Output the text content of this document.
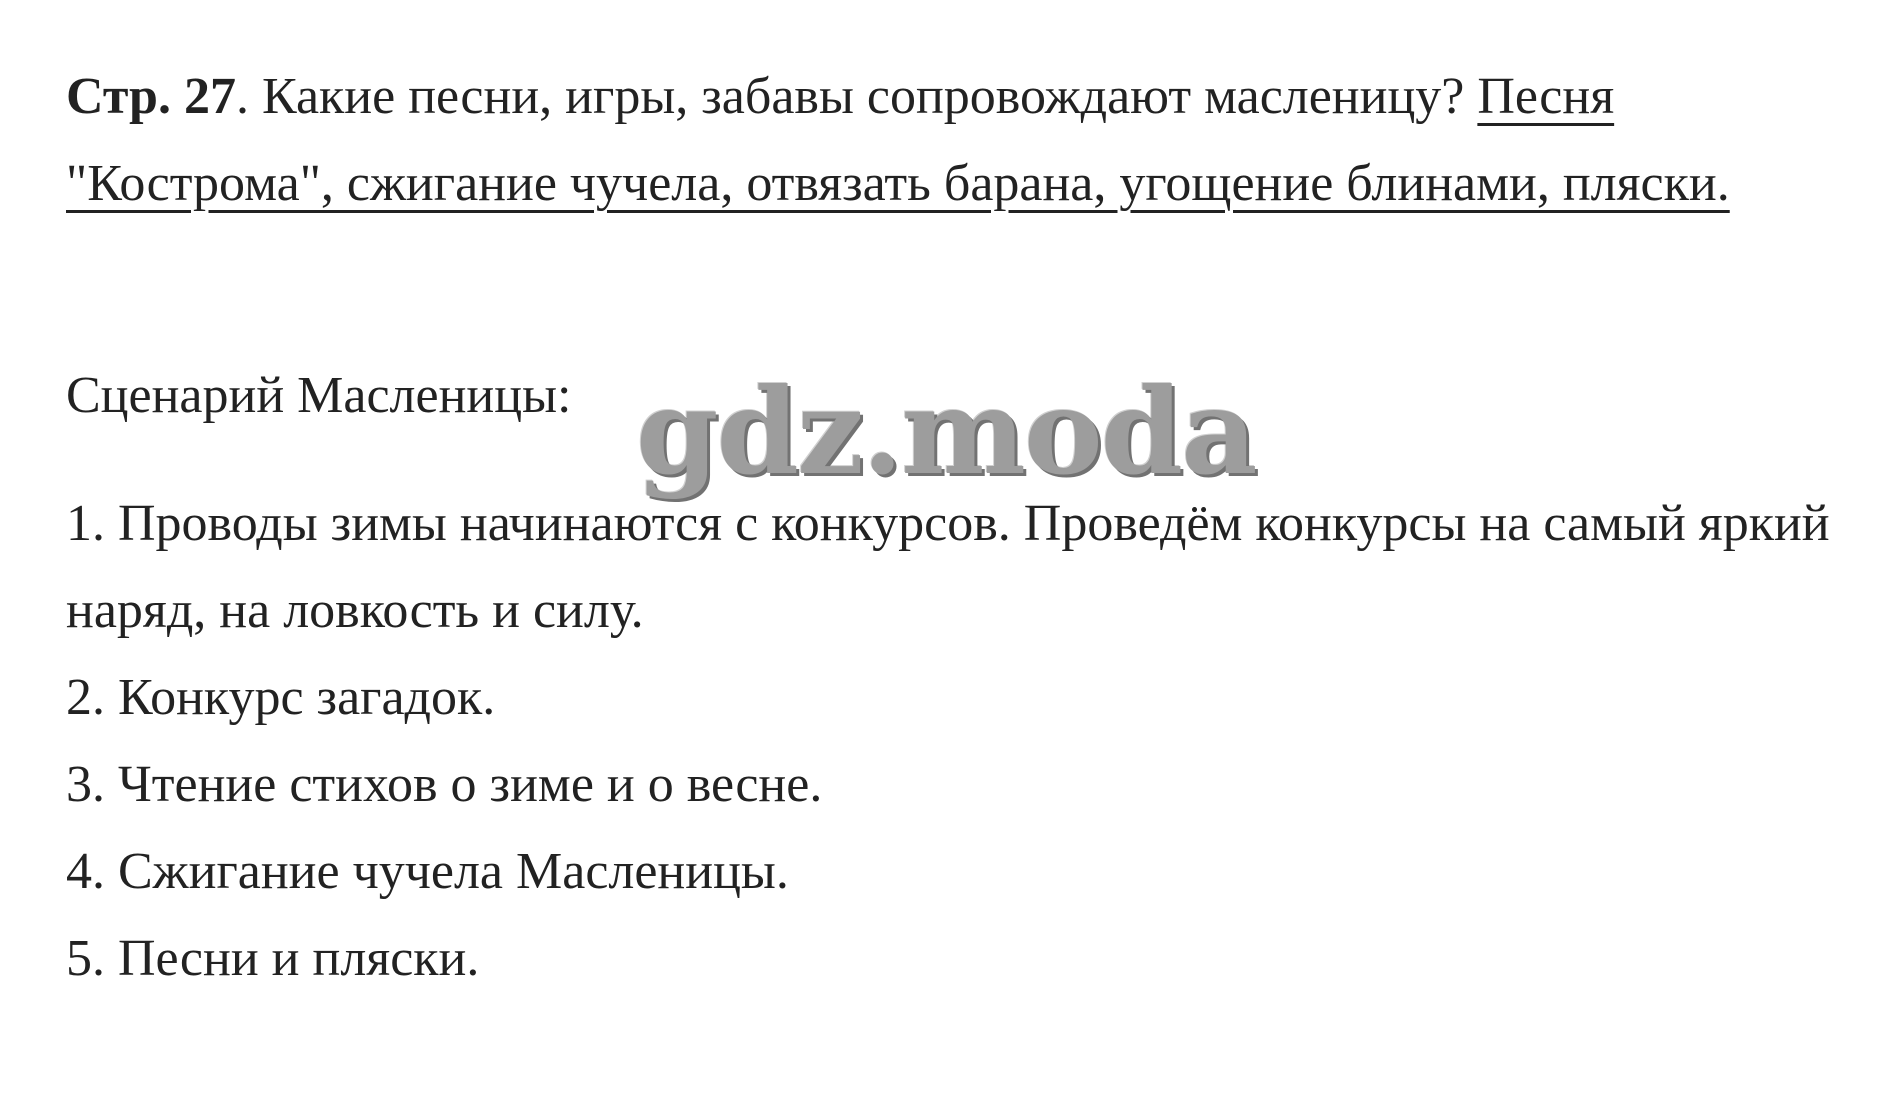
Стр. 27. Какие песни, игры, забавы сопровождают масленицу? Песня "Кострома", сжигание чучела, отвязать барана, угощение блинами, пляски.

Сценарий Масленицы:

1. Проводы зимы начинаются с конкурсов. Проведём конкурсы на самый яркий наряд, на ловкость и силу.
2. Конкурс загадок.
3. Чтение стихов о зиме и о весне.
4. Сжигание чучела Масленицы.
5. Песни и пляски.
gdz.moda
